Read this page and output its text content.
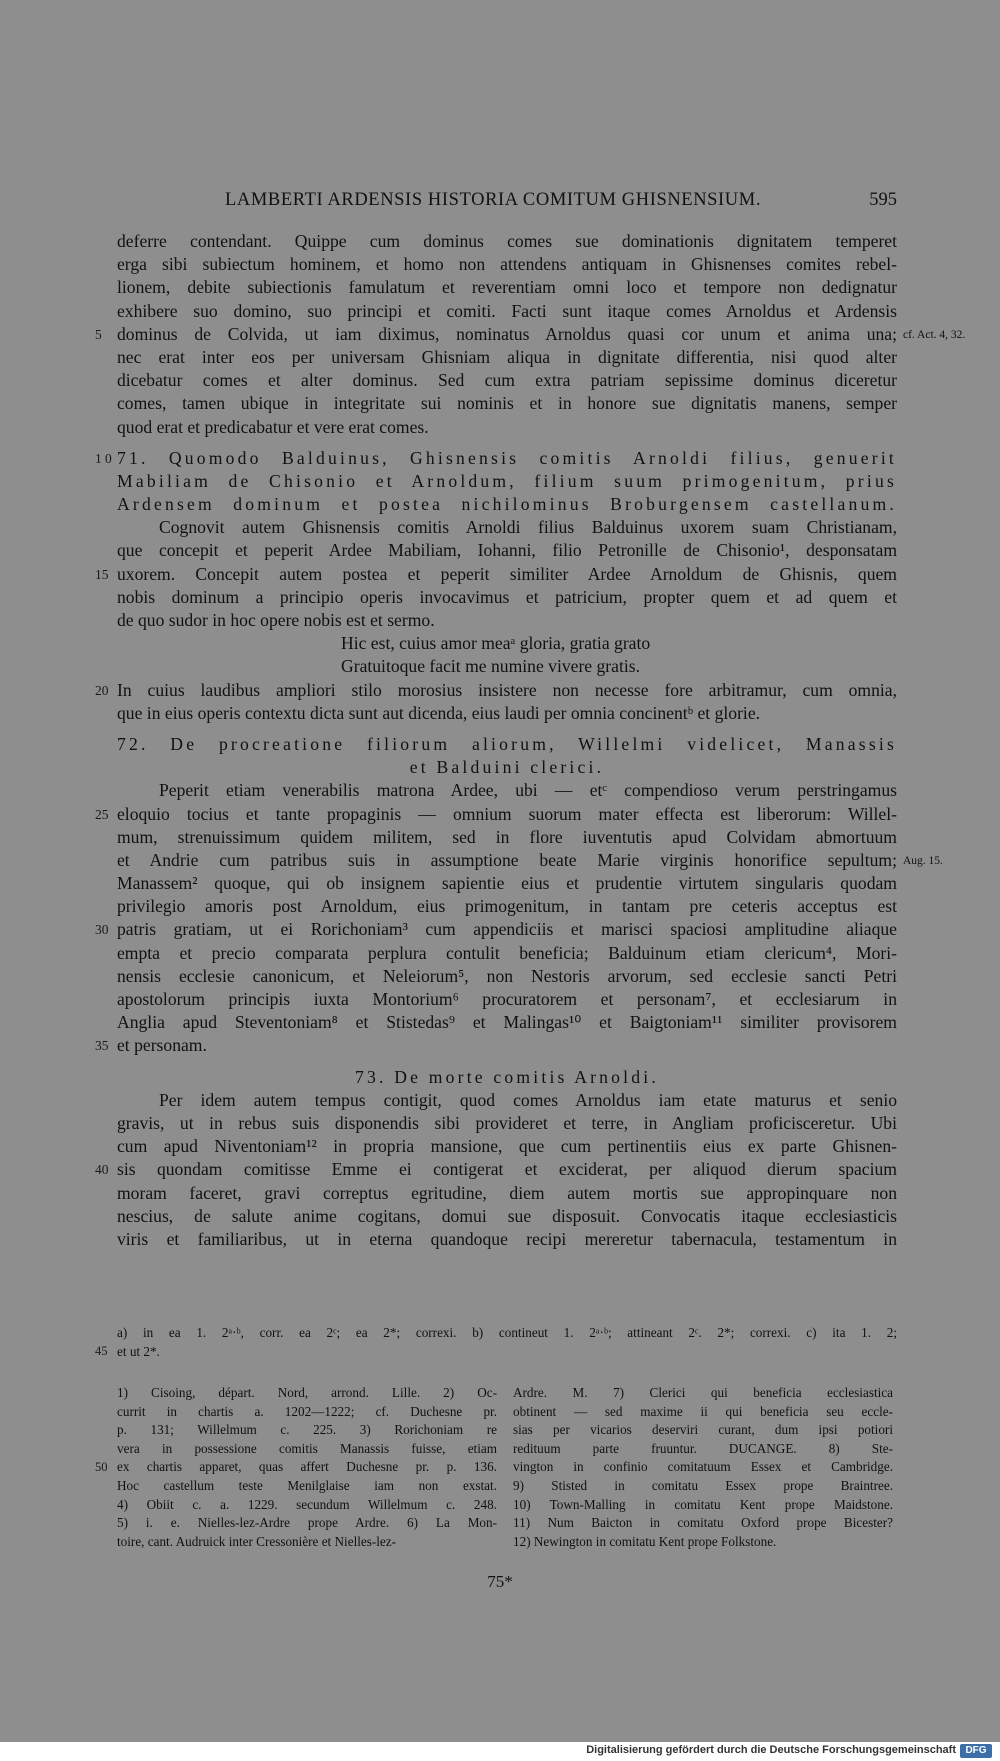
LAMBERTI ARDENSIS HISTORIA COMITUM GHISNENSIUM.	595
deferre contendant. Quippe cum dominus comes sue dominationis dignitatem temperet
erga sibi subiectum hominem, et homo non attendens antiquam in Ghisnenses comites rebel-
lionem, debite subiectionis famulatum et reverentiam omni loco et tempore non dedignatur
exhibere suo domino, suo principi et comiti. Facti sunt itaque comes Arnoldus et Ardensis
dominus de Colvida, ut iam diximus, nominatus Arnoldus quasi cor unum et anima una;
5	cf. Act. 4, 32.
nec erat inter eos per universam Ghisniam aliqua in dignitate differentia, nisi quod alter
dicebatur comes et alter dominus. Sed cum extra patriam sepissime dominus diceretur
comes, tamen ubique in integritate sui nominis et in honore sue dignitatis manens, semper
quod erat et predicabatur et vere erat comes.
71. Quomodo Balduinus, Ghisnensis comitis Arnoldi filius, genuerit
10
Mabiliam de Chisonio et Arnoldum, filium suum primogenitum, prius
Ardensem dominum et postea nichilominus Broburgensem castellanum.
Cognovit autem Ghisnensis comitis Arnoldi filius Balduinus uxorem suam Christianam,
que concepit et peperit Ardee Mabiliam, Iohanni, filio Petronille de Chisonio¹, desponsatam
uxorem. Concepit autem postea et peperit similiter Ardee Arnoldum de Ghisnis, quem
15
nobis dominum a principio operis invocavimus et patricium, propter quem et ad quem et
de quo sudor in hoc opere nobis est et sermo.
Hic est, cuius amor meaᵃ gloria, gratia grato
Gratuitoque facit me numine vivere gratis.
In cuius laudibus ampliori stilo morosius insistere non necesse fore arbitramur, cum omnia,
20
que in eius operis contextu dicta sunt aut dicenda, eius laudi per omnia concinentᵇ et glorie.
72. De procreatione filiorum aliorum, Willelmi videlicet, Manassis
et Balduini clerici.
Peperit etiam venerabilis matrona Ardee, ubi — etᶜ compendioso verum perstringamus
eloquio tocius et tante propaginis — omnium suorum mater effecta est liberorum: Willel-
25
mum, strenuissimum quidem militem, sed in flore iuventutis apud Colvidam abmortuum
et Andrie cum patribus suis in assumptione beate Marie virginis honorifice sepultum; Aug. 15.
Manassem² quoque, qui ob insignem sapientie eius et prudentie virtutem singularis quodam
privilegio amoris post Arnoldum, eius primogenitum, in tantam pre ceteris acceptus est
patris gratiam, ut ei Rorichoniam³ cum appendiciis et marisci spaciosi amplitudine aliaque
30
empta et precio comparata perplura contulit beneficia; Balduinum etiam clericum⁴, Mori-
nensis ecclesie canonicum, et Neleiorum⁵, non Nestoris arvorum, sed ecclesie sancti Petri
apostolorum principis iuxta Montorium⁶ procuratorem et personam⁷, et ecclesiarum in
Anglia apud Steventoniam⁸ et Stistedas⁹ et Malingas¹⁰ et Baigtoniam¹¹ similiter provisorem
et personam.
35
73. De morte comitis Arnoldi.
Per idem autem tempus contigit, quod comes Arnoldus iam etate maturus et senio
gravis, ut in rebus suis disponendis sibi provideret et terre, in Angliam proficisceretur. Ubi
cum apud Niventoniam¹² in propria mansione, que cum pertinentiis eius ex parte Ghisnen-
sis quondam comitisse Emme ei contigerat et exciderat, per aliquod dierum spacium
40
moram faceret, gravi correptus egritudine, diem autem mortis sue appropinquare non
nescius, de salute anime cogitans, domui sue disposuit. Convocatis itaque ecclesiasticis
viris et familiaribus, ut in eterna quandoque recipi mereretur tabernacula, testamentum in
a) in ea 1. 2ᵃ·ᵇ, corr. ea 2ᶜ; ea 2*; correxi. b) contineut 1. 2ᵃ·ᵇ; attineant 2ᶜ. 2*; correxi. c) ita 1. 2;
et ut 2*.
45
1) Cisoing, départ. Nord, arrond. Lille. 2) Oc-
currit in chartis a. 1202—1222; cf. Duchesne pr.
p. 131; Willelmum c. 225. 3) Rorichoniam re
vera in possessione comitis Manassis fuisse, etiam
ex chartis apparet, quas affert Duchesne pr. p. 136.
50
Hoc castellum teste Menilglaise iam non exstat.
4) Obiit c. a. 1229. secundum Willelmum c. 248.
5) i. e. Nielles-lez-Ardre prope Ardre. 6) La Mon-
toire, cant. Audruick inter Cressonière et Nielles-lez-
Ardre. M. 7) Clerici qui beneficia ecclesiastica
obtinent — sed maxime ii qui beneficia seu eccle-
sias per vicarios deserviri curant, dum ipsi potiori
redituum parte fruuntur. DUCANGE. 8) Ste-
vington in confinio comitatuum Essex et Cambridge.
9) Stisted in comitatu Essex prope Braintree.
10) Town-Malling in comitatu Kent prope Maidstone.
11) Num Baicton in comitatu Oxford prope Bicester?
12) Newington in comitatu Kent prope Folkstone.
75*
Digitalisierung gefördert durch die Deutsche Forschungsgemeinschaft DFG
